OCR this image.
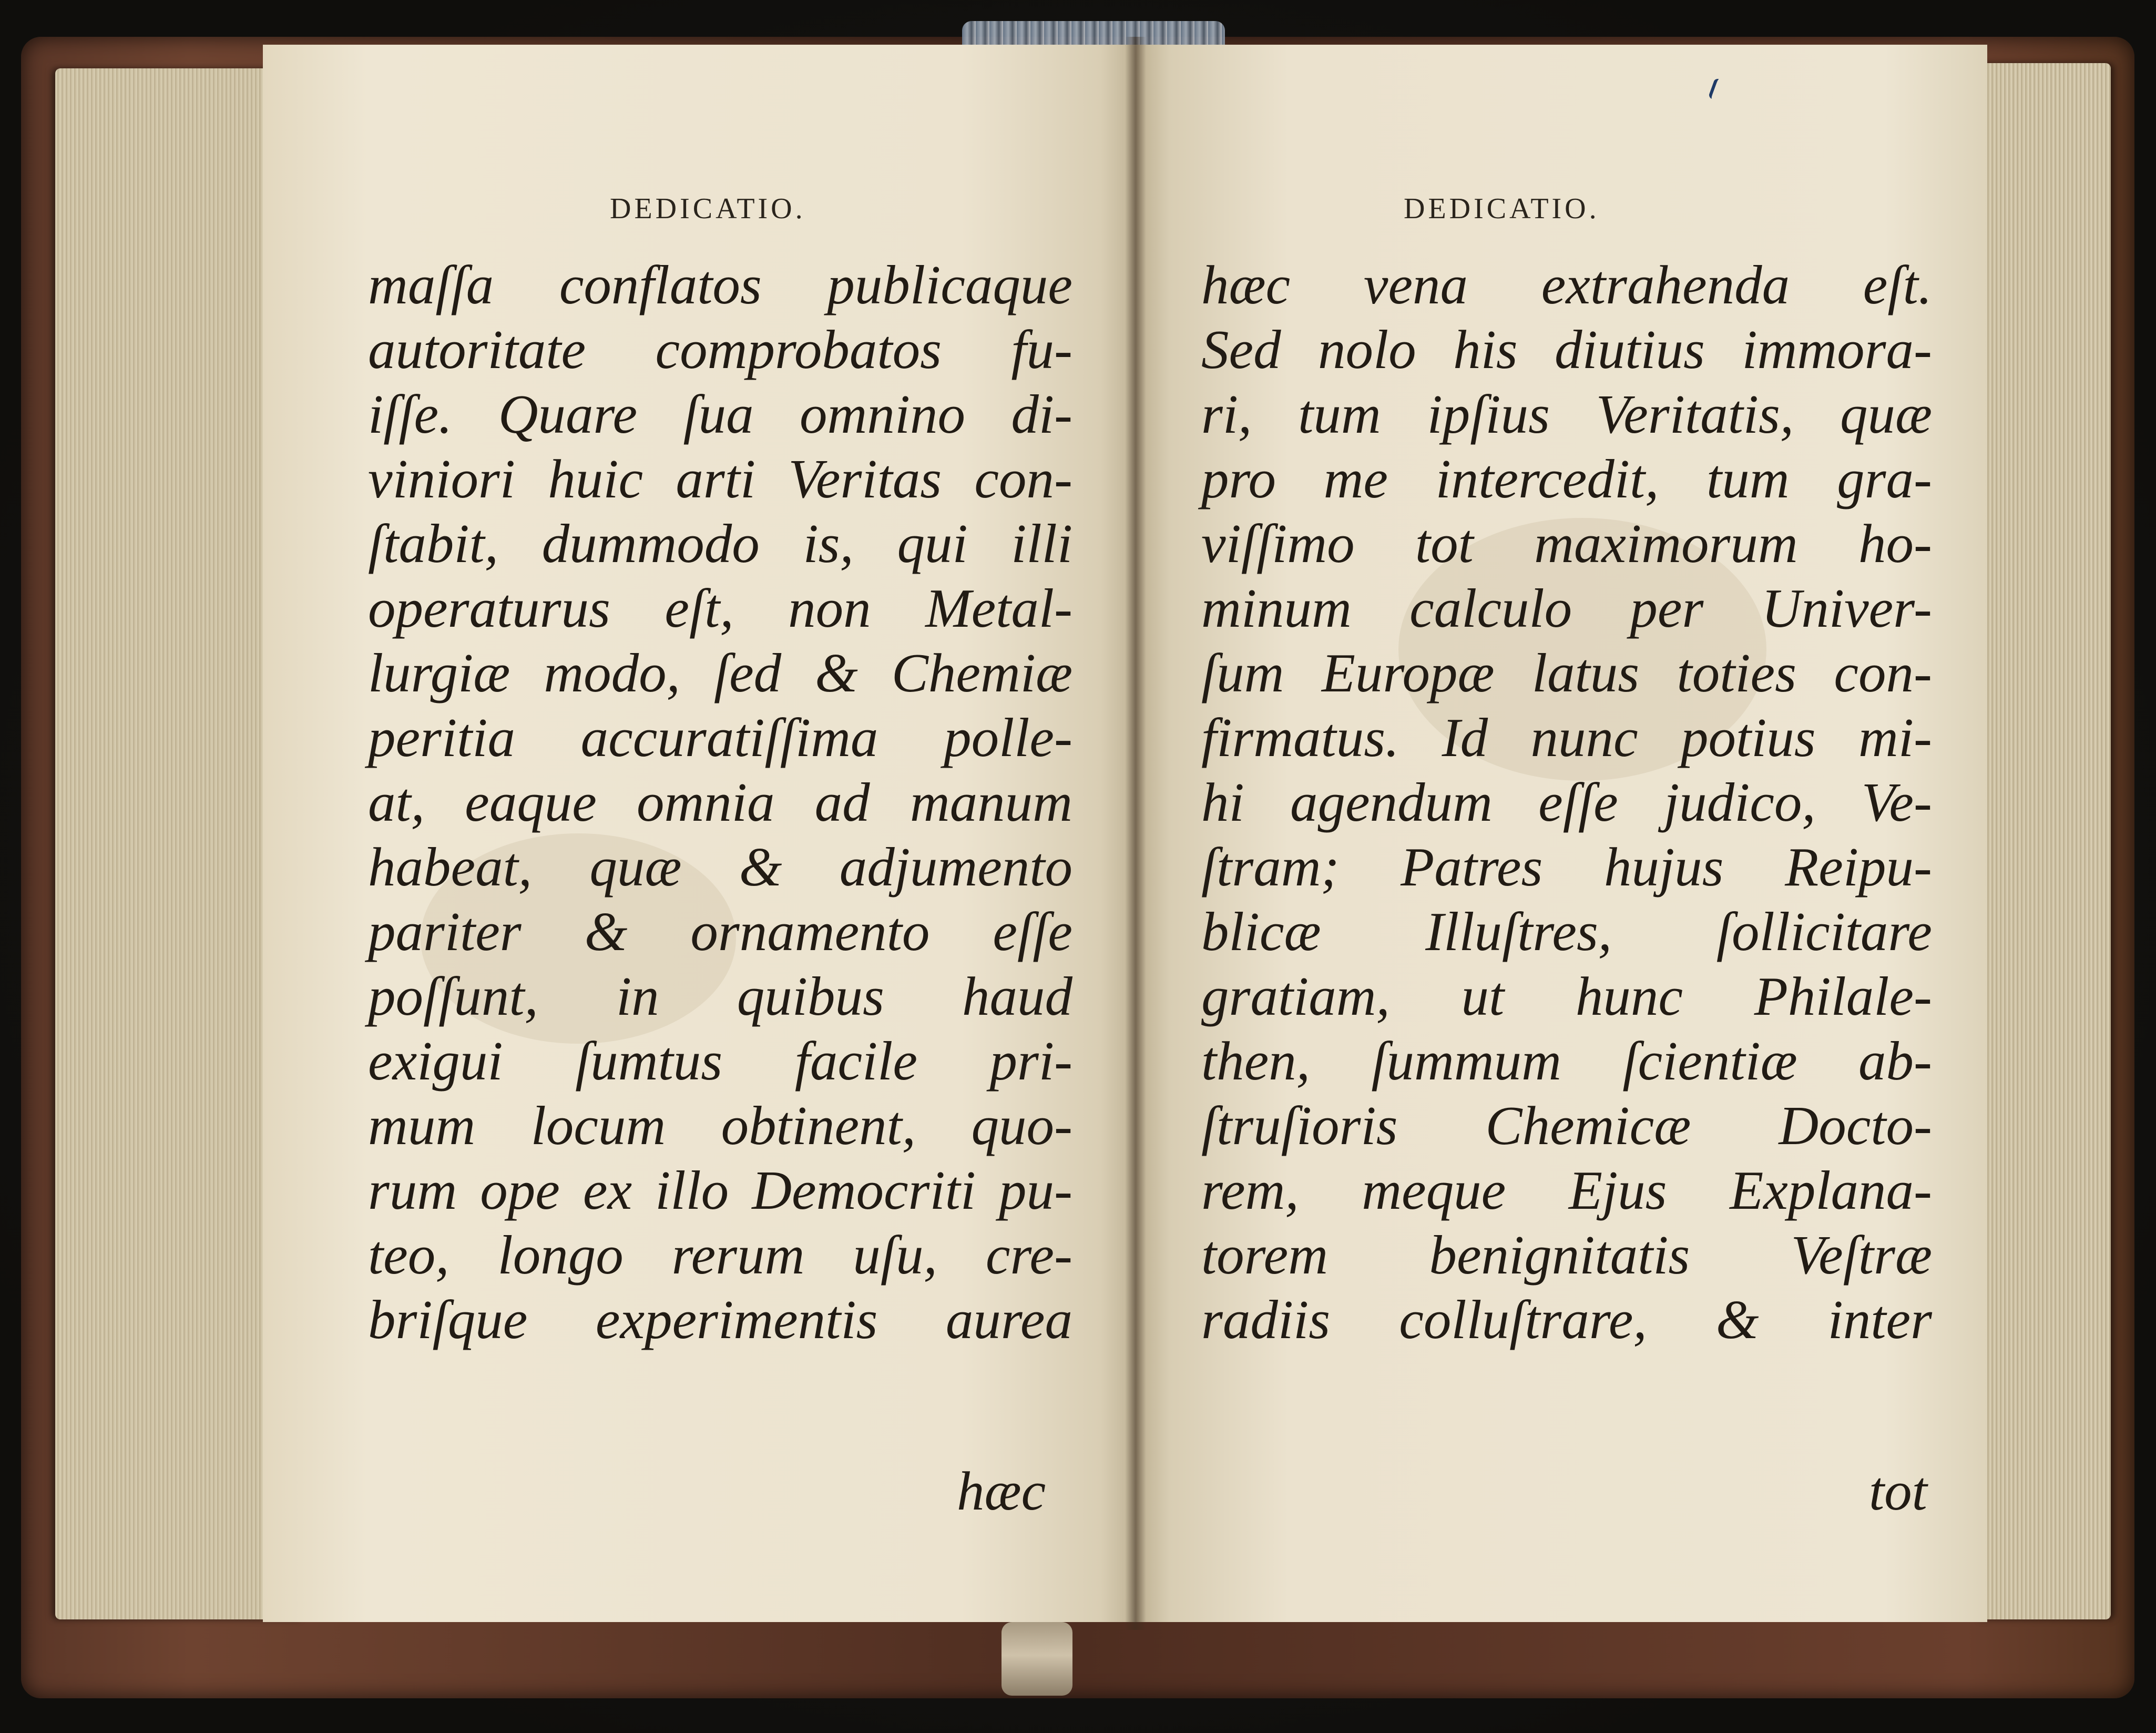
DEDICATIO.
maſſa conflatos publicaque
autoritate comprobatos fu-
iſſe. Quare ſua omnino di-
viniori huic arti Veritas con-
ſtabit, dummodo is, qui illi
operaturus eſt, non Metal-
lurgiæ modo, ſed & Chemiæ
peritia accuratiſſima polle-
at, eaque omnia ad manum
habeat, quæ & adjumento
pariter & ornamento eſſe
poſſunt, in quibus haud
exigui ſumtus facile pri-
mum locum obtinent, quo-
rum ope ex illo Democriti pu-
teo, longo rerum uſu, cre-
briſque experimentis aurea
hæc
DEDICATIO.
hæc vena extrahenda eſt.
Sed nolo his diutius immora-
ri, tum ipſius Veritatis, quæ
pro me intercedit, tum gra-
viſſimo tot maximorum ho-
minum calculo per Univer-
ſum Europæ latus toties con-
firmatus. Id nunc potius mi-
hi agendum eſſe judico, Ve-
ſtram; Patres hujus Reipu-
blicæ Illuſtres, ſollicitare
gratiam, ut hunc Philale-
then, ſummum ſcientiæ ab-
ſtruſioris Chemicæ Docto-
rem, meque Ejus Explana-
torem benignitatis Veſtræ
radiis colluſtrare, & inter
tot
